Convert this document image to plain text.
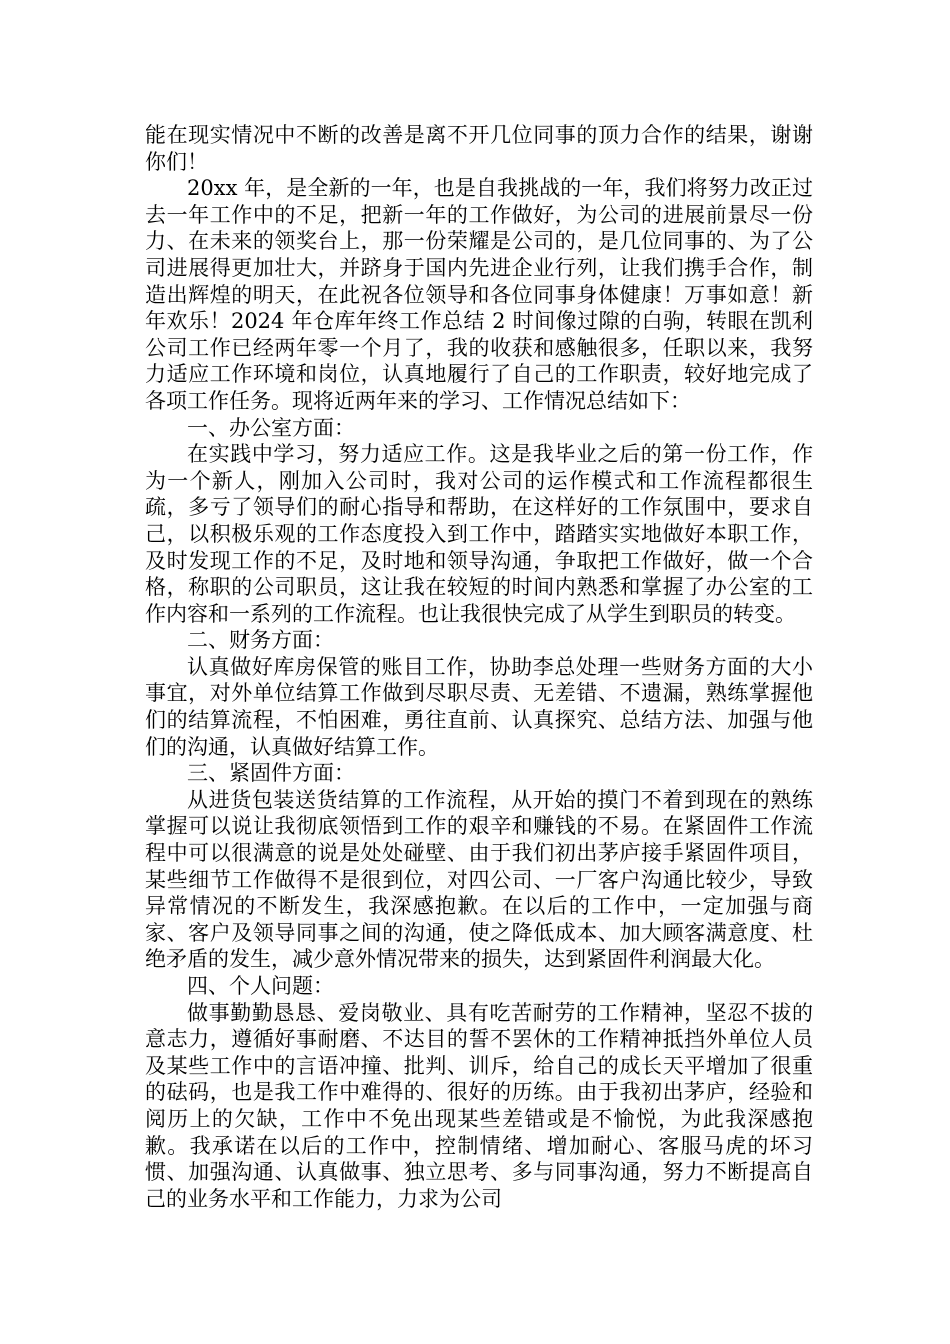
能在现实情况中不断的改善是离不开几位同事的顶力合作的结果，谢谢你们！

20xx 年，是全新的一年，也是自我挑战的一年，我们将努力改正过去一年工作中的不足，把新一年的工作做好，为公司的进展前景尽一份力、在未来的领奖台上，那一份荣耀是公司的，是几位同事的、为了公司进展得更加壮大，并跻身于国内先进企业行列，让我们携手合作，制造出辉煌的明天，在此祝各位领导和各位同事身体健康！万事如意！新年欢乐！2024 年仓库年终工作总结 2 时间像过隙的白驹，转眼在凯利公司工作已经两年零一个月了，我的收获和感触很多，任职以来，我努力适应工作环境和岗位，认真地履行了自己的工作职责，较好地完成了各项工作任务。现将近两年来的学习、工作情况总结如下：

一、办公室方面：

在实践中学习，努力适应工作。这是我毕业之后的第一份工作，作为一个新人，刚加入公司时，我对公司的运作模式和工作流程都很生疏，多亏了领导们的耐心指导和帮助，在这样好的工作氛围中，要求自己，以积极乐观的工作态度投入到工作中，踏踏实实地做好本职工作，及时发现工作的不足，及时地和领导沟通，争取把工作做好，做一个合格，称职的公司职员，这让我在较短的时间内熟悉和掌握了办公室的工作内容和一系列的工作流程。也让我很快完成了从学生到职员的转变。

二、财务方面：

认真做好库房保管的账目工作，协助李总处理一些财务方面的大小事宜，对外单位结算工作做到尽职尽责、无差错、不遗漏，熟练掌握他们的结算流程，不怕困难，勇往直前、认真探究、总结方法、加强与他们的沟通，认真做好结算工作。

三、紧固件方面：

从进货包装送货结算的工作流程，从开始的摸门不着到现在的熟练掌握可以说让我彻底领悟到工作的艰辛和赚钱的不易。在紧固件工作流程中可以很满意的说是处处碰壁、由于我们初出茅庐接手紧固件项目，某些细节工作做得不是很到位，对四公司、一厂客户沟通比较少，导致异常情况的不断发生，我深感抱歉。在以后的工作中，一定加强与商家、客户及领导同事之间的沟通，使之降低成本、加大顾客满意度、杜绝矛盾的发生，减少意外情况带来的损失，达到紧固件利润最大化。

四、个人问题：

做事勤勤恳恳、爱岗敬业、具有吃苦耐劳的工作精神，坚忍不拔的意志力，遵循好事耐磨、不达目的誓不罢休的工作精神抵挡外单位人员及某些工作中的言语冲撞、批判、训斥，给自己的成长天平增加了很重的砝码，也是我工作中难得的、很好的历练。由于我初出茅庐，经验和阅历上的欠缺，工作中不免出现某些差错或是不愉悦，为此我深感抱歉。我承诺在以后的工作中，控制情绪、增加耐心、客服马虎的坏习惯、加强沟通、认真做事、独立思考、多与同事沟通，努力不断提高自己的业务水平和工作能力，力求为公司
